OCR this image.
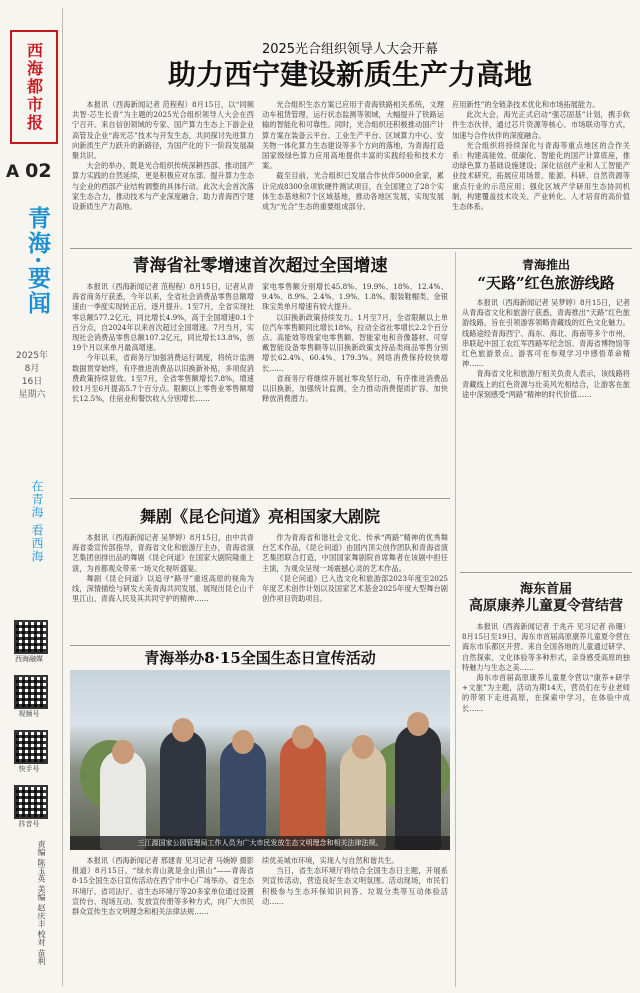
西海都市报
A 02
青海·要闻
2025年
8月
16日
星期六
在青海 看西海
西海融媒
视频号
快手号
抖音号
责编 陈玉英 美编 赵庆丰 校对 苗利
2025光合组织领导人大会开幕
助力西宁建设新质生产力高地

本报讯（西海新闻记者 范程程）8月15日，以“同频共智·芯生长青”为主题的2025光合组织领导人大会在西宁召开。来自信创领域的专家、国产算力生态上下游企业高管及企业“海光芯”技术与开发生态，共同探讨先进算力向新质生产力跃升的新路径，为国产化的下一阶段发展凝聚共识。

大会的举办，既是光合组织传统深耕西部、推动国产算力实践的自然延续，更是积极应对东部、提升算力生态与企业的西部产业结构调整的具体行动。此次大会首次落家生态合力，推动技术与产业深度融合，助力青海西宁建设新质生产力高地。

光合组织生态方案已应用于青海铁路相关系统，文理动车租赁管理、运行状态监测等领域，大幅提升了铁路运输的智能化和可靠性。同时，光合组织还积极推动国产计算方案在装备云平台、工业生产平台、区域算力中心、安关物一体化算力生态建设等多个方向的落地，为青海打造国家级绿色算力应用高地提供丰富的实践经验和技术方案。

截至目前，光合组织已发展合作伙伴5000余家，累计完成8300余项软硬件测试项目，在全国建立了28个实体生态基地和7个区域基地，推动各地区发展，实现发展成为“光合”生态的重要组成部分。

应用新性”的全链条技术优化和市场拓展能力。

此次大会，海光正式启动“强芯固基”计划，携手软件生态伙伴，通过芯片资源等核心、市场联动等方式，加速与合作伙伴的深度融合。

光合组织将持续深化与青海等重点地区的合作关系：构建高能效、低碳化、智能化的国产计算底座，推动绿色算力基础设施建设；深化信创产业和人工智能产业技术研究，拓展应用场景、能源、科研、自然资源等重点行业的示范应用；强化区域产学研用生态协同机制，构建覆盖技术攻关、产业转化、人才培育的高价值生态体系。

青海省社零增速首次超过全国增速

本报讯（西海新闻记者 范程程）8月15日，记者从青海省商务厅获悉，今年以来，全省社会消费品零售总额增速由一季度实现转正后，逐月提升。1至7月，全省实现社零总额577.2亿元，同比增长4.9%，高于全国增速0.1个百分点，自2024年以来首次超过全国增速。7月当月，实现社会消费品零售总额107.2亿元，同比增长13.8%，创19个月以来单月最高增速。

今年以来，省商务厅加强消费运行调度，将统计监测数据贯穿始终，有序推进消费品以旧换新补贴，多项促消费政策持续显效。1至7月，全省零售额增长7.8%，增速较1月至6月提高5.7个百分点。限额以上零售业零售额增长12.5%，住宿业和餐饮收入分别增长……

家电零售额分别增长45.8%、19.9%、18%、12.4%、9.4%、8.9%、2.4%、1.9%、1.8%。服装鞋帽类、金银珠宝类单月增速有较大提升。

以旧换新政策持续发力。1月至7月，全省限额以上单位汽车零售额同比增长18%，拉动全省社零增长2.2个百分点。高能效等级家电零售额、智能家电和音像器材、可穿戴智能设备零售额等以旧换新政策支持品类商品零售分别增长62.4%、60.4%、179.3%。网络消费保持较快增长……

省商务厅将继续开展社零攻坚行动，有序推进消费品以旧换新，加强统计监测，全力推动消费提质扩容，加快释放消费潜力。

舞剧《昆仑问道》亮相国家大剧院

本报讯（西海新闻记者 吴梦婷）8月15日，由中共青海省委宣传部指导，青海省文化和旅游厅主办，青海省演艺集团创排出品的舞剧《昆仑问道》在国家大剧院隆重上演，为首都观众带来一场文化视听盛宴。

舞剧《昆仑问道》以追寻“路寻”重返高原的视角为线，深情描绘与研发大美青海共同发展，展现出昆仑山千里江山、青海人民及其共同守护的精神……

作为青海省和谐社会文化、传承“两路”精神的优秀舞台艺术作品，《昆仑问道》由国内顶尖创作团队和青海省演艺集团联合打造，中国国家舞剧院首席舞者在该剧中担任主演，为观众呈现一场震撼心灵的艺术作品。

《昆仑问道》已入选文化和旅游部2023年度至2025年度艺术创作计划以及国家艺术基金2025年度大型舞台剧创作项目资助项目。

青海举办8·15全国生态日宣传活动
三江源国家公园管理局工作人员为广大市民发放生态文明理念和相关法律法规。

本报讯（西海新闻记者 邢建青 见习记者 马婉婷 摄影报道）8月15日，“绿水青山就是金山银山”——青海省8·15全国生态日宣传活动在西宁市中心广场举办。省生态环境厅、省司法厅、省生态环境厅等20多家单位通过设置宣传台、现场互动、发放宣传册等多种方式，向广大市民群众宣传生态文明理念和相关法律法规……

续优美城市环境，实现人与自然和谐共生。

当日，省生态环境厅将结合全国生态日主题，开展系列宣传活动，营造良好生态文明氛围。活动现场，市民们积极参与生态环保知识问答、垃圾分类等互动体验活动……

青海推出
“天路”红色旅游线路

本报讯（西海新闻记者 吴梦婷）8月15日，记者从青海省文化和旅游厅获悉，青海推出“天路”红色旅游线路，旨在引领游客领略青藏线的红色文化魅力。线路途经青海西宁、海东、海北、海南等多个市州，串联起中国工农红军西路军纪念馆、青海省博物馆等红色旅游景点。游客可在参观学习中感悟革命精神……

青海省文化和旅游厅相关负责人表示，该线路将青藏线上的红色资源与壮美风光相结合，让游客在旅途中深刻感受“两路”精神的时代价值……

海东首届
高原康养儿童夏令营结营

本报讯（西海新闻记者 于兆卉 见习记者 孙珊）8月15日至19日，海东市首届高原康养儿童夏令营在海东市乐都区开营。来自全国各地的儿童通过研学、自然探索、文化体验等多种形式，亲身感受高原的独特魅力与生态之美……

海东市首届高原康养儿童夏令营以“康养+研学+文旅”为主题，活动为期14天，营员们在专业老师的带领下走进高原，在探索中学习，在体验中成长……
